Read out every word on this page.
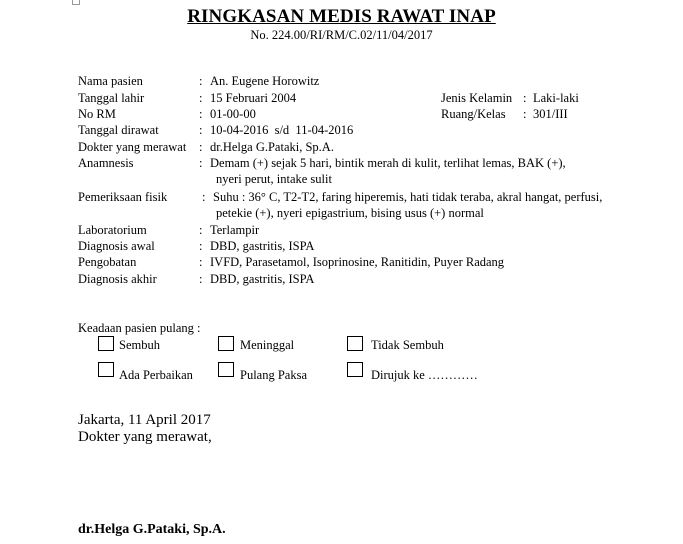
RINGKASAN MEDIS RAWAT INAP
No. 224.00/RI/RM/C.02/11/04/2017
Nama pasien	: An. Eugene Horowitz
Tanggal lahir	: 15 Februari 2004	Jenis Kelamin : Laki-laki
No RM	: 01-00-00	Ruang/Kelas : 301/III
Tanggal dirawat	: 10-04-2016  s/d  11-04-2016
Dokter yang merawat : dr.Helga G.Pataki, Sp.A.
Anamnesis	: Demam (+) sejak 5 hari, bintik merah di kulit, terlihat lemas, BAK (+),
nyeri perut, intake sulit
Pemeriksaan fisik	: Suhu : 36° C, T2-T2, faring hiperemis, hati tidak teraba, akral hangat, perfusi,
petekie (+), nyeri epigastrium, bising usus (+) normal
Laboratorium	: Terlampir
Diagnosis awal	: DBD, gastritis, ISPA
Pengobatan	: IVFD, Parasetamol, Isoprinosine, Ranitidin, Puyer Radang
Diagnosis akhir	: DBD, gastritis, ISPA
Keadaan pasien pulang :
Sembuh	Meninggal	Tidak Sembuh
Ada Perbaikan	Pulang Paksa	Dirujuk ke …………
Jakarta, 11 April 2017
Dokter yang merawat,
dr.Helga G.Pataki, Sp.A.
